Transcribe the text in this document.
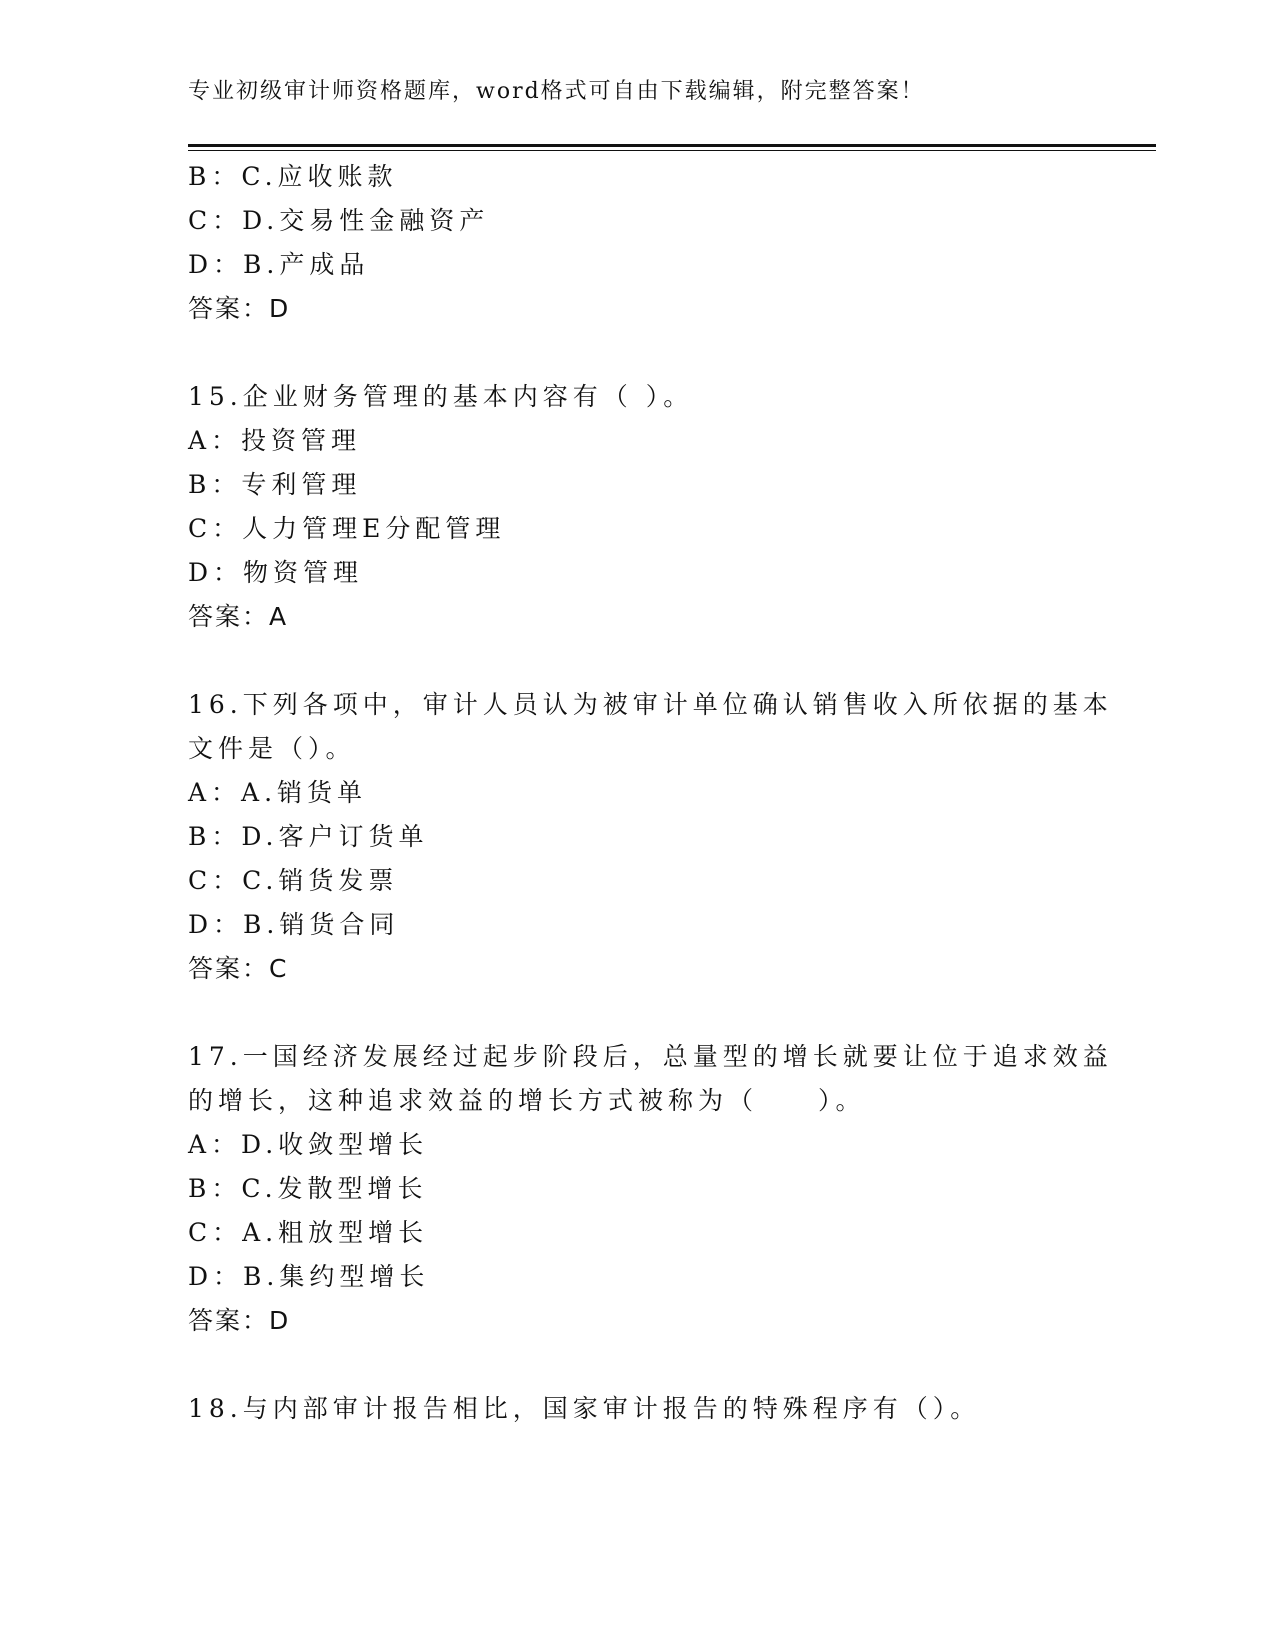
专业初级审计师资格题库，word格式可自由下载编辑，附完整答案！
B：C.应收账款
C：D.交易性金融资产
D：B.产成品
答案：D
15.企业财务管理的基本内容有（ ）。
A：投资管理
B：专利管理
C：人力管理E分配管理
D：物资管理
答案：A
16.下列各项中，审计人员认为被审计单位确认销售收入所依据的基本
文件是（）。
A：A.销货单
B：D.客户订货单
C：C.销货发票
D：B.销货合同
答案：C
17.一国经济发展经过起步阶段后，总量型的增长就要让位于追求效益
的增长，这种追求效益的增长方式被称为（　　）。
A：D.收敛型增长
B：C.发散型增长
C：A.粗放型增长
D：B.集约型增长
答案：D
18.与内部审计报告相比，国家审计报告的特殊程序有（）。
